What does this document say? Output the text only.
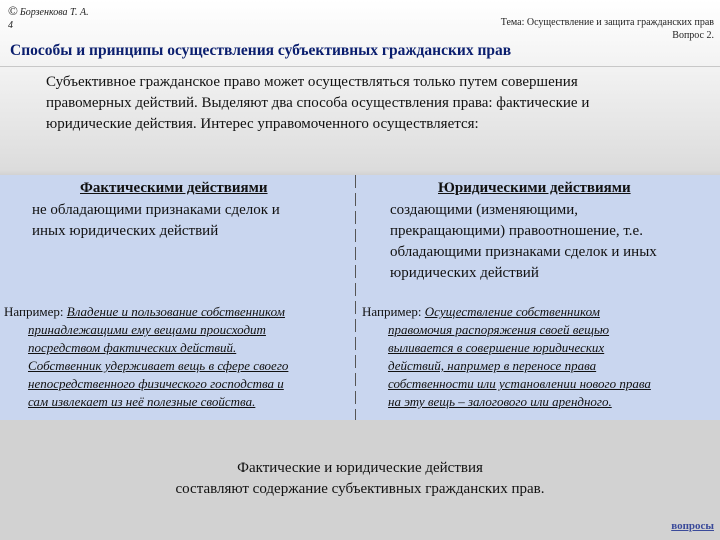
© Борзенкова Т. А.
4	Тема: Осуществление и защита гражданских прав
Вопрос 2.
Способы и принципы осуществления субъективных гражданских прав
Субъективное гражданское право может осуществляться только путем совершения
правомерных действий. Выделяют два способа осуществления права: фактические и
юридические действия. Интерес управомоченного осуществляется:
Фактическими действиями
не обладающими признаками сделок и
иных юридических действий
Например: Владение и пользование собственником
принадлежащими ему вещами происходит
посредством фактических действий.
Собственник удерживает вещь в сфере своего
непосредственного физического господства и
сам извлекает из неё полезные свойства.
Юридическими действиями
создающими (изменяющими,
прекращающими) правоотношение, т.е.
обладающими признаками сделок и иных
юридических действий
Например: Осуществление собственником
правомочия распоряжения своей вещью
выливается в совершение юридических
действий, например в переносе права
собственности или установлении нового права
на эту вещь – залогового или арендного.
Фактические и юридические действия
составляют содержание субъективных гражданских прав.
вопросы
